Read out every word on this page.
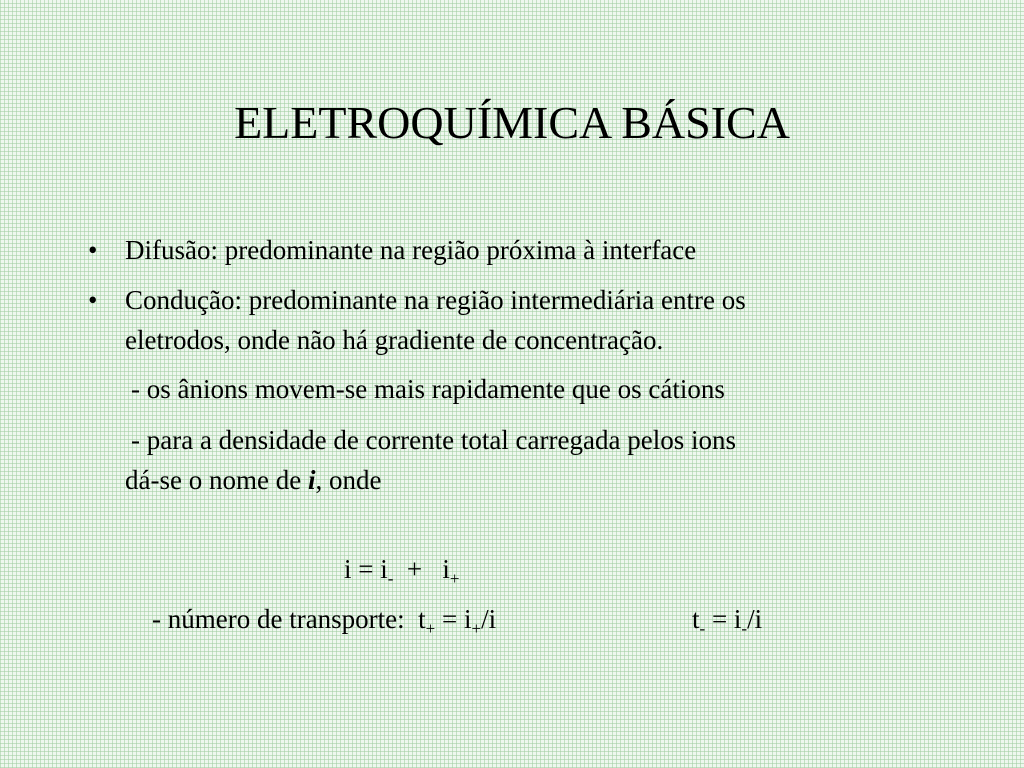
ELETROQUÍMICA BÁSICA
• Difusão: predominante na região próxima à interface
• Condução: predominante na região intermediária entre os
eletrodos, onde não há gradiente de concentração.
- os ânions movem-se mais rapidamente que os cátions
- para a densidade de corrente total carregada pelos ions
dá-se o nome de i, onde

$i = i_- + i_+$

- número de transporte:  $t_+ = i_+/i$
	$t_- = i_-/i$
